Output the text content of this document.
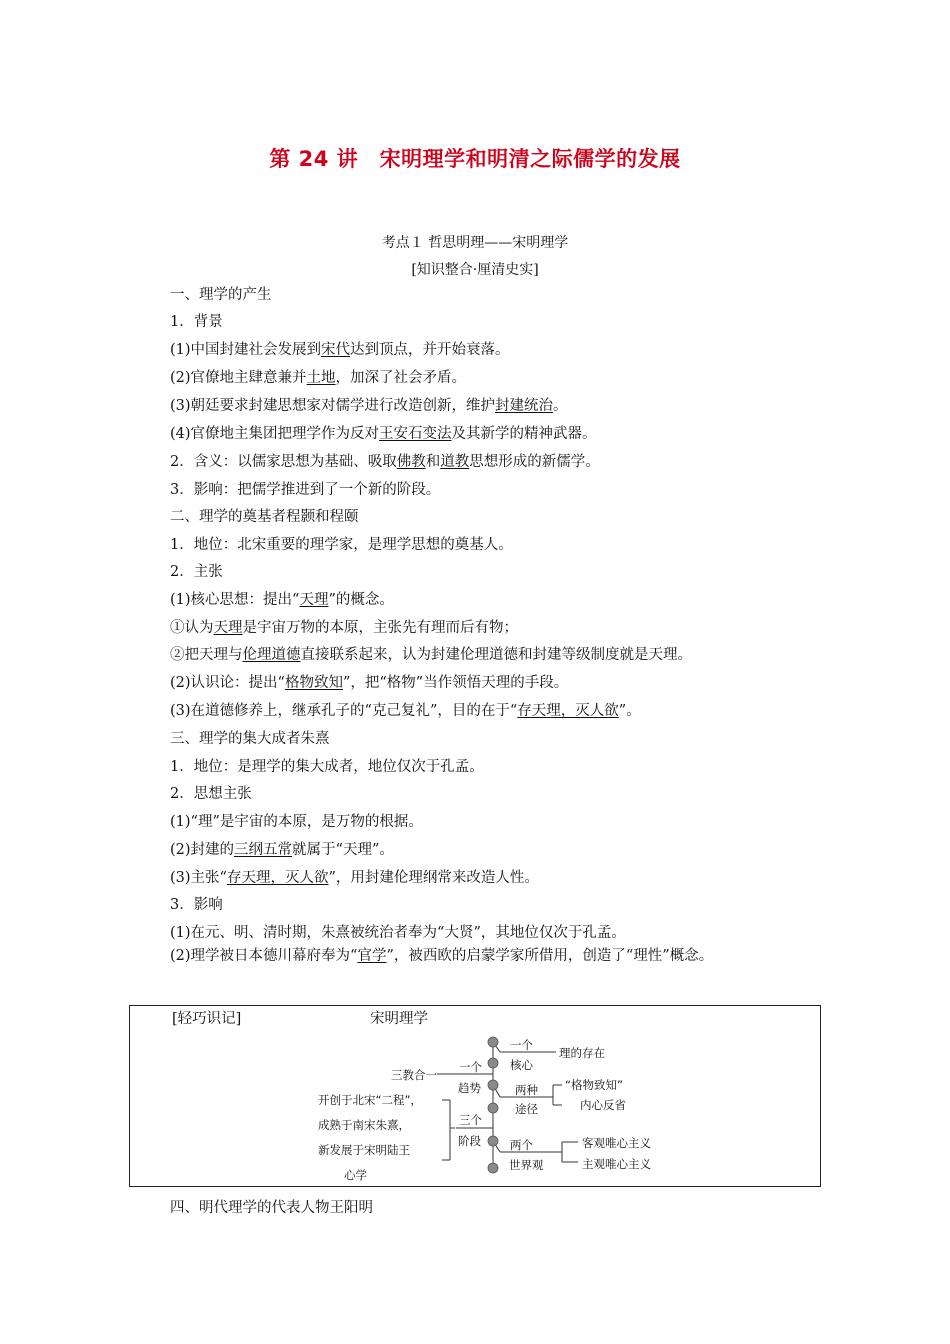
第 24 讲　宋明理学和明清之际儒学的发展
考点１ 哲思明理——宋明理学
[知识整合·厘清史实]
一、理学的产生
1．背景
(1)中国封建社会发展到宋代达到顶点，并开始衰落。
(2)官僚地主肆意兼并土地，加深了社会矛盾。
(3)朝廷要求封建思想家对儒学进行改造创新，维护封建统治。
(4)官僚地主集团把理学作为反对王安石变法及其新学的精神武器。
2．含义：以儒家思想为基础、吸取佛教和道教思想形成的新儒学。
3．影响：把儒学推进到了一个新的阶段。
二、理学的奠基者程颢和程颐
1．地位：北宋重要的理学家，是理学思想的奠基人。
2．主张
(1)核心思想：提出“天理”的概念。
①认为天理是宇宙万物的本原，主张先有理而后有物；
②把天理与伦理道德直接联系起来，认为封建伦理道德和封建等级制度就是天理。
(2)认识论：提出“格物致知”，把“格物”当作领悟天理的手段。
(3)在道德修养上，继承孔子的“克己复礼”，目的在于“存天理，灭人欲”。
三、理学的集大成者朱熹
1．地位：是理学的集大成者，地位仅次于孔孟。
2．思想主张
(1)“理”是宇宙的本原，是万物的根据。
(2)封建的三纲五常就属于“天理”。
(3)主张“存天理，灭人欲”，用封建伦理纲常来改造人性。
3．影响
(1)在元、明、清时期，朱熹被统治者奉为“大贤”，其地位仅次于孔孟。
(2)理学被日本德川幕府奉为“官学”，被西欧的启蒙学家所借用，创造了“理性”概念。
[轻巧识记]	宋明理学
开创于北宋“二程”，
成熟于南宋朱熹，
新发展于宋明陆王
心学
三教合一
一个
趋势
三个
阶段
一个
核心
两种
途径
两个
世界观
理的存在
“格物致知”
内心反省
客观唯心主义
主观唯心主义
四、明代理学的代表人物王阳明
